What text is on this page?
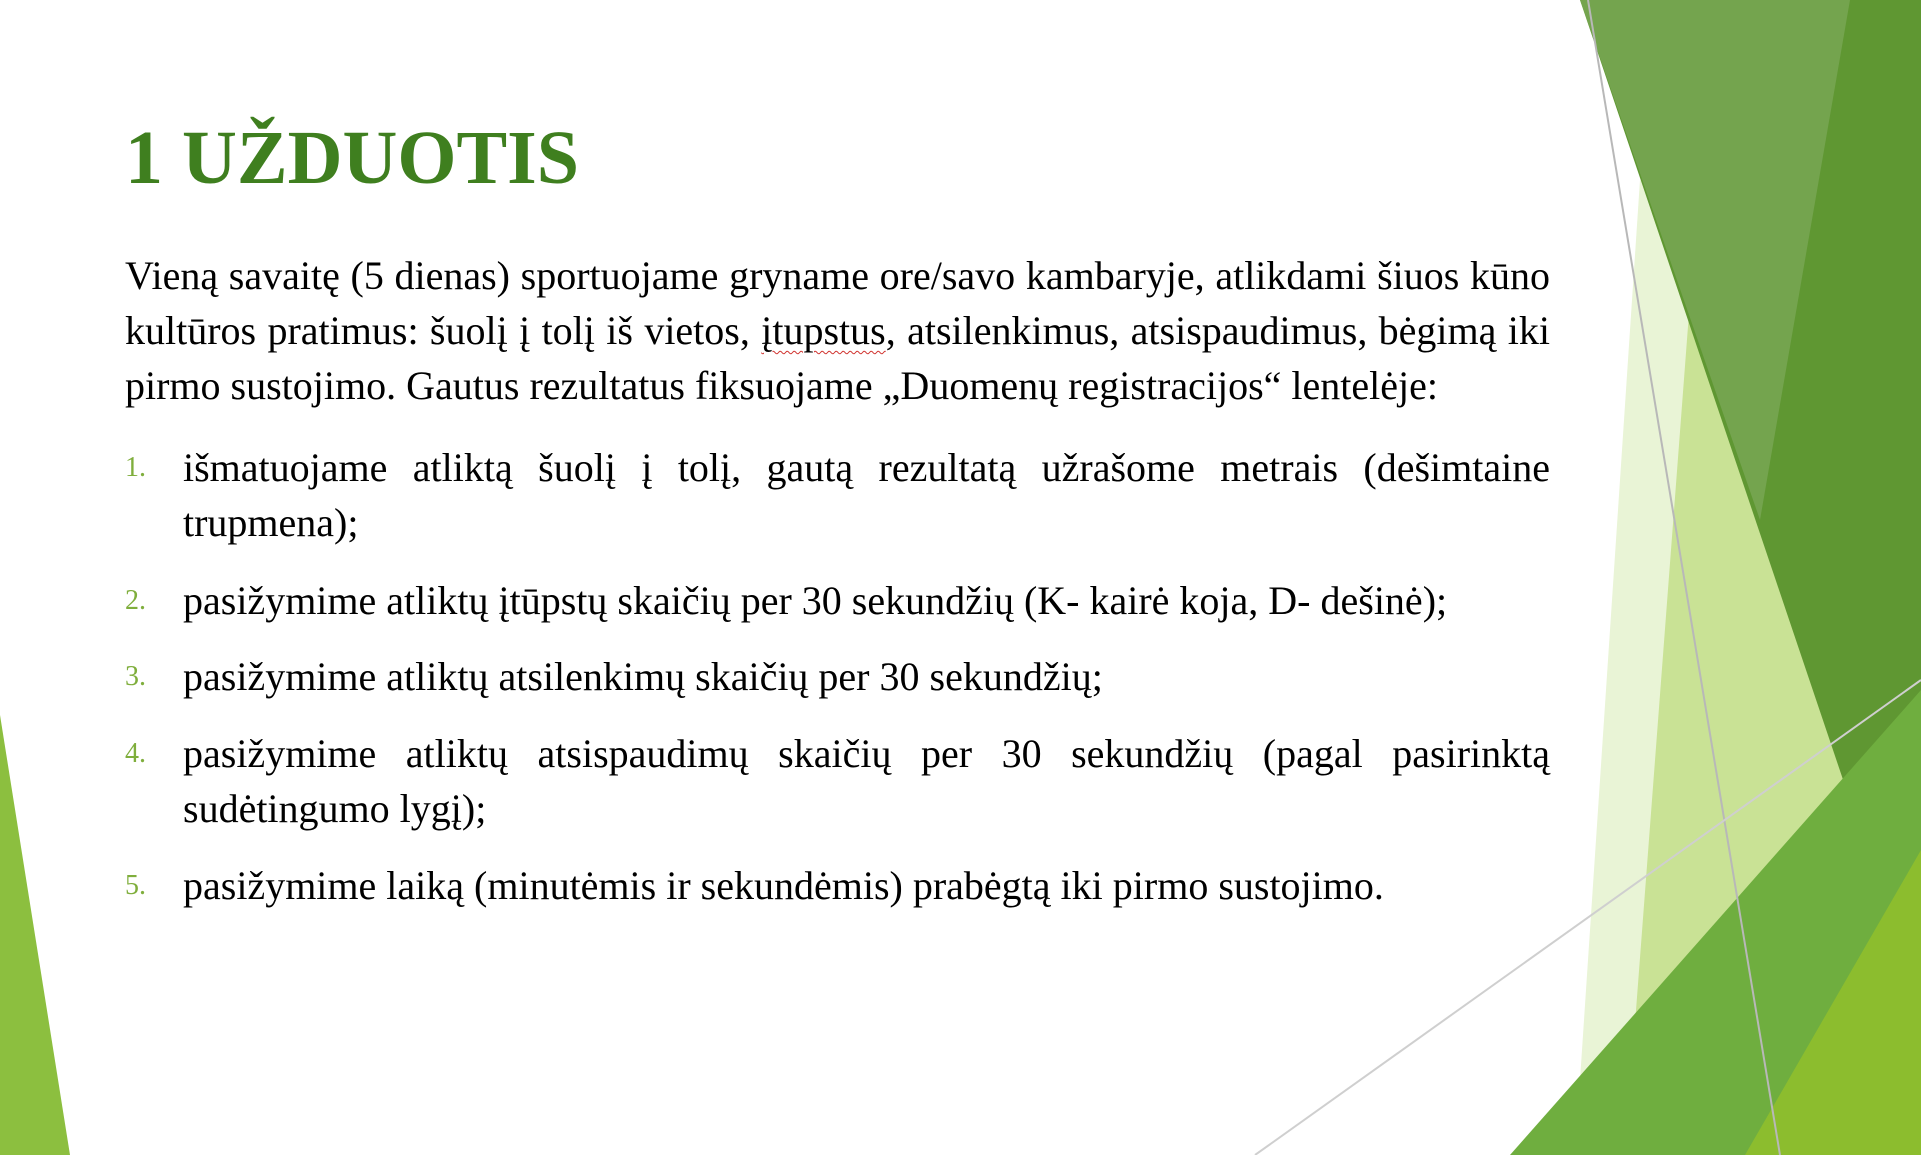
1 UŽDUOTIS

Vieną savaitę (5 dienas) sportuojame gryname ore/savo kambaryje, atlikdami šiuos kūno kultūros pratimus: šuolį į tolį iš vietos, įtupstus, atsilenkimus, atsispaudimus, bėgimą iki pirmo sustojimo. Gautus rezultatus fiksuojame „Duomenų registracijos“ lentelėje:

1. išmatuojame atliktą šuolį į tolį, gautą rezultatą užrašome metrais (dešimtaine trupmena);
2. pasižymime atliktų įtūpstų skaičių per 30 sekundžių (K- kairė koja, D- dešinė);
3. pasižymime atliktų atsilenkimų skaičių per 30 sekundžių;
4. pasižymime atliktų atsispaudimų skaičių per 30 sekundžių (pagal pasirinktą sudėtingumo lygį);
5. pasižymime laiką (minutėmis ir sekundėmis) prabėgtą iki pirmo sustojimo.
